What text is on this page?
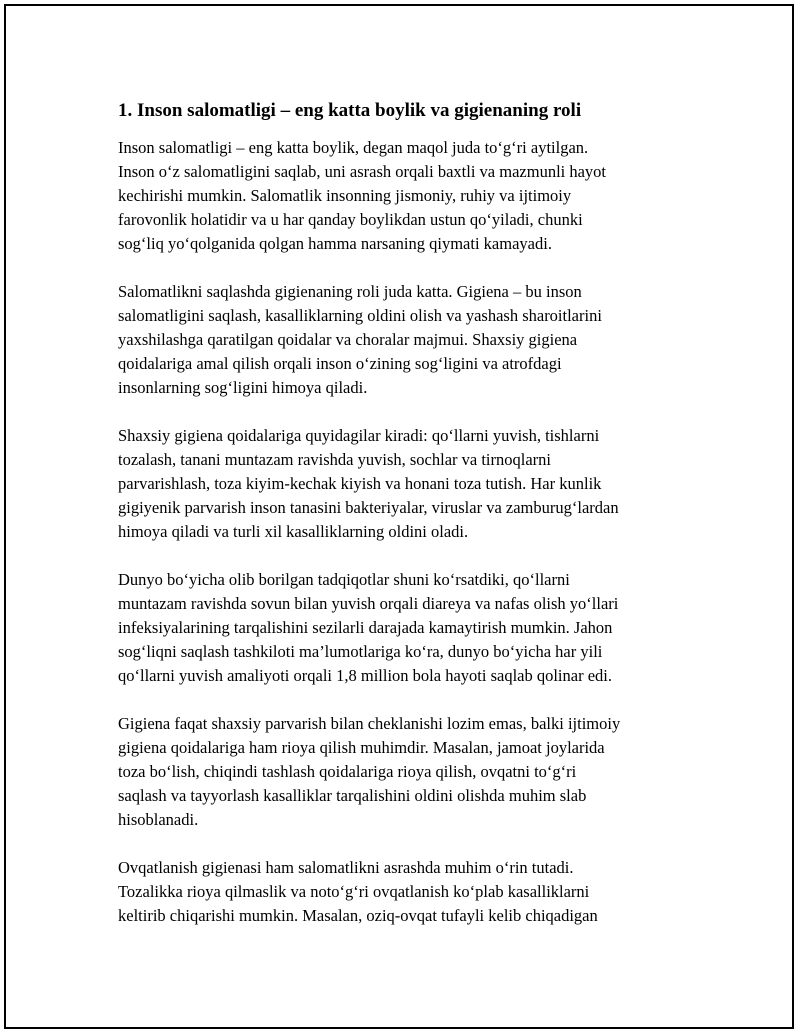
1. Inson salomatligi – eng katta boylik va gigienaning roli
Inson salomatligi – eng katta boylik, degan maqol juda to‘g‘ri aytilgan.
Inson o‘z salomatligini saqlab, uni asrash orqali baxtli va mazmunli hayot
kechirishi mumkin. Salomatlik insonning jismoniy, ruhiy va ijtimoiy
farovonlik holatidir va u har qanday boylikdan ustun qo‘yiladi, chunki
sog‘liq yo‘qolganida qolgan hamma narsaning qiymati kamayadi.
Salomatlikni saqlashda gigienaning roli juda katta. Gigiena – bu inson
salomatligini saqlash, kasalliklarning oldini olish va yashash sharoitlarini
yaxshilashga qaratilgan qoidalar va choralar majmui. Shaxsiy gigiena
qoidalariga amal qilish orqali inson o‘zining sog‘ligini va atrofdagi
insonlarning sog‘ligini himoya qiladi.
Shaxsiy gigiena qoidalariga quyidagilar kiradi: qo‘llarni yuvish, tishlarni
tozalash, tanani muntazam ravishda yuvish, sochlar va tirnoqlarni
parvarishlash, toza kiyim-kechak kiyish va honani toza tutish. Har kunlik
gigiyenik parvarish inson tanasini bakteriyalar, viruslar va zamburug‘lardan
himoya qiladi va turli xil kasalliklarning oldini oladi.
Dunyo bo‘yicha olib borilgan tadqiqotlar shuni ko‘rsatdiki, qo‘llarni
muntazam ravishda sovun bilan yuvish orqali diareya va nafas olish yo‘llari
infeksiyalarining tarqalishini sezilarli darajada kamaytirish mumkin. Jahon
sog‘liqni saqlash tashkiloti ma’lumotlariga ko‘ra, dunyo bo‘yicha har yili
qo‘llarni yuvish amaliyoti orqali 1,8 million bola hayoti saqlab qolinar edi.
Gigiena faqat shaxsiy parvarish bilan cheklanishi lozim emas, balki ijtimoiy
gigiena qoidalariga ham rioya qilish muhimdir. Masalan, jamoat joylarida
toza bo‘lish, chiqindi tashlash qoidalariga rioya qilish, ovqatni to‘g‘ri
saqlash va tayyorlash kasalliklar tarqalishini oldini olishda muhim slab
hisoblanadi.
Ovqatlanish gigienasi ham salomatlikni asrashda muhim o‘rin tutadi.
Tozalikka rioya qilmaslik va noto‘g‘ri ovqatlanish ko‘plab kasalliklarni
keltirib chiqarishi mumkin. Masalan, oziq-ovqat tufayli kelib chiqadigan
